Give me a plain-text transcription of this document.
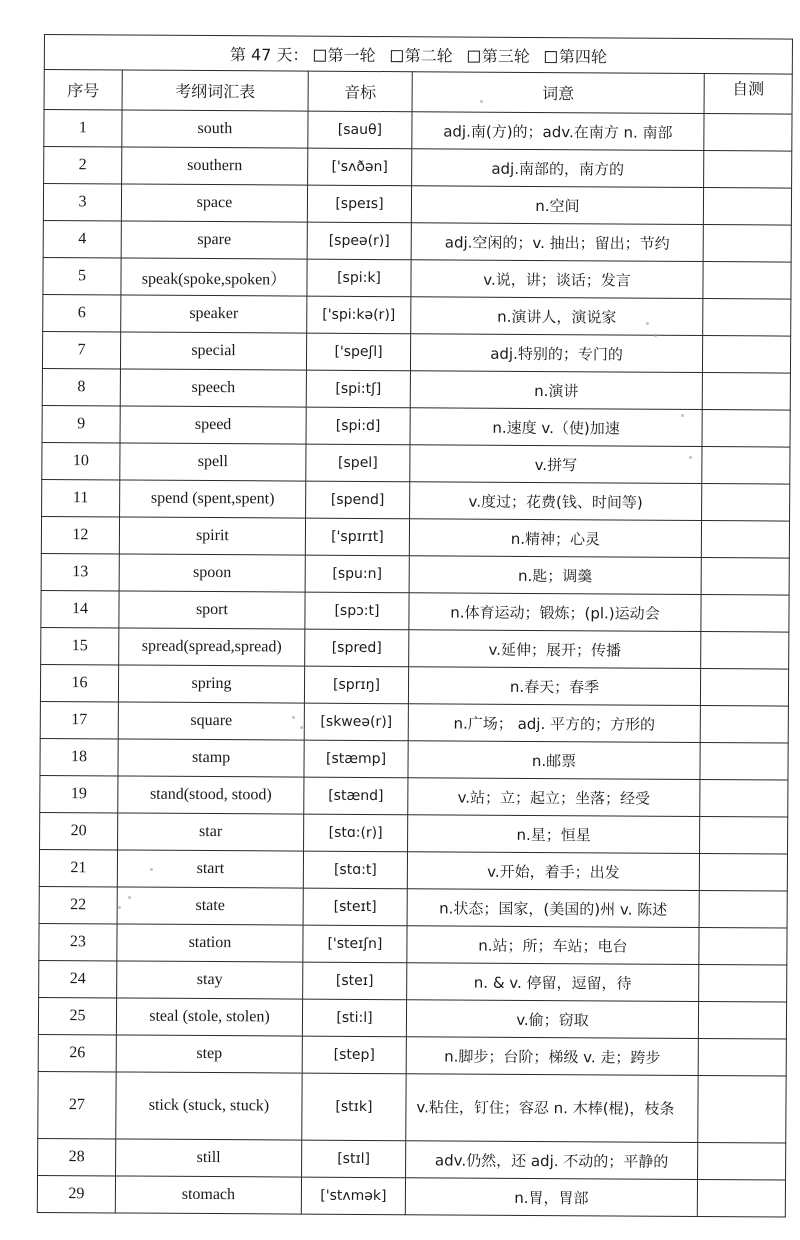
第 47 天： 第一轮 第二轮 第三轮 第四轮				
序号	考纲词汇表	音标	词意	自测
1	south	[sauθ]	adj.南(方)的；adv.在南方 n. 南部	
2	southern	['sʌðən]	adj.南部的，南方的	
3	space	[speɪs]	n.空间	
4	spare	[speə(r)]	adj.空闲的；v. 抽出；留出；节约	
5	speak(spoke,spoken）	[spi:k]	v.说，讲；谈话；发言	
6	speaker	['spi:kə(r)]	n.演讲人，演说家	
7	special	['speʃl]	adj.特别的；专门的	
8	speech	[spi:tʃ]	n.演讲	
9	speed	[spi:d]	n.速度 v.（使)加速	
10	spell	[spel]	v.拼写	
11	spend (spent,spent)	[spend]	v.度过；花费(钱、时间等)	
12	spirit	['spɪrɪt]	n.精神；心灵	
13	spoon	[spu:n]	n.匙；调羹	
14	sport	[spɔ:t]	n.体育运动；锻炼；(pl.)运动会	
15	spread(spread,spread)	[spred]	v.延伸；展开；传播	
16	spring	[sprɪŋ]	n.春天；春季	
17	square	[skweə(r)]	n.广场； adj. 平方的；方形的	
18	stamp	[stæmp]	n.邮票	
19	stand(stood, stood)	[stænd]	v.站；立；起立；坐落；经受	
20	star	[stɑ:(r)]	n.星；恒星	
21	start	[stɑ:t]	v.开始，着手；出发	
22	state	[steɪt]	n.状态；国家，(美国的)州 v. 陈述	
23	station	['steɪʃn]	n.站；所；车站；电台	
24	stay	[steɪ]	n. & v. 停留，逗留，待	
25	steal (stole, stolen)	[sti:l]	v.偷；窃取	
26	step	[step]	n.脚步；台阶；梯级 v. 走；跨步	
27	stick (stuck, stuck)	[stɪk]	v.粘住，钉住；容忍 n. 木棒(棍)，枝条	
28	still	[stɪl]	adv.仍然，还 adj. 不动的；平静的	
29	stomach	['stʌmək]	n.胃，胃部	
